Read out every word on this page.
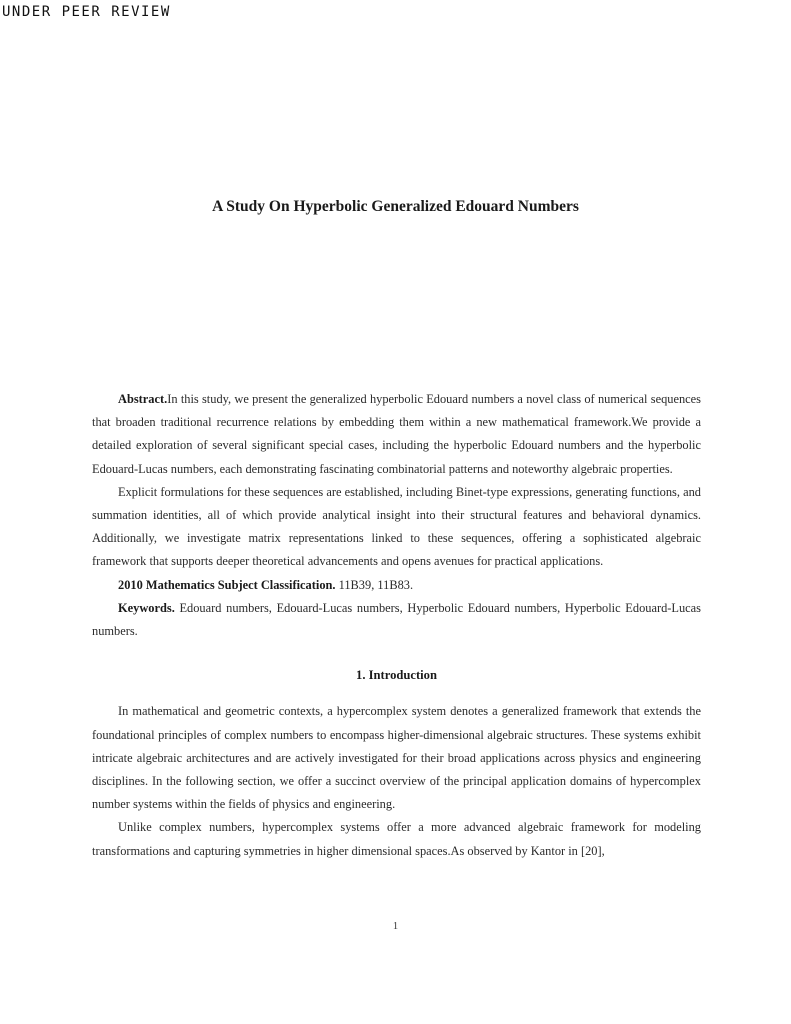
UNDER PEER REVIEW
A Study On Hyperbolic Generalized Edouard Numbers

Abstract.In this study, we present the generalized hyperbolic Edouard numbers a novel class of numerical sequences that broaden traditional recurrence relations by embedding them within a new mathematical framework.We provide a detailed exploration of several significant special cases, including the hyperbolic Edouard numbers and the hyperbolic Edouard-Lucas numbers, each demonstrating fascinating combinatorial patterns and noteworthy algebraic properties.

Explicit formulations for these sequences are established, including Binet-type expressions, generating functions, and summation identities, all of which provide analytical insight into their structural features and behavioral dynamics. Additionally, we investigate matrix representations linked to these sequences, offering a sophisticated algebraic framework that supports deeper theoretical advancements and opens avenues for practical applications.

2010 Mathematics Subject Classification. 11B39, 11B83.

Keywords. Edouard numbers, Edouard-Lucas numbers, Hyperbolic Edouard numbers, Hyperbolic Edouard-Lucas numbers.

1. Introduction

In mathematical and geometric contexts, a hypercomplex system denotes a generalized framework that extends the foundational principles of complex numbers to encompass higher-dimensional algebraic structures. These systems exhibit intricate algebraic architectures and are actively investigated for their broad applications across physics and engineering disciplines. In the following section, we offer a succinct overview of the principal application domains of hypercomplex number systems within the fields of physics and engineering.

Unlike complex numbers, hypercomplex systems offer a more advanced algebraic framework for modeling transformations and capturing symmetries in higher dimensional spaces.As observed by Kantor in [20],

1
